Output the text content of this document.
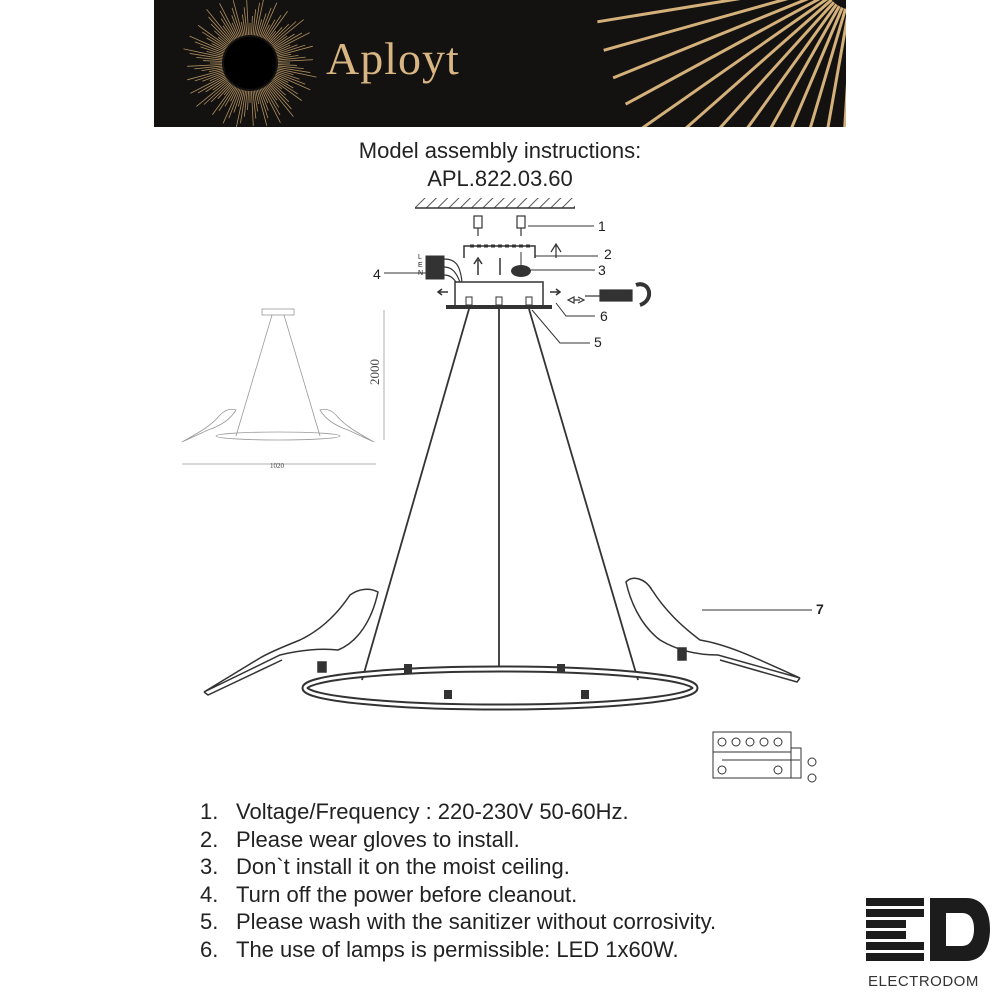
Aployt
Model assembly instructions:
APL.822.03.60
1
2
3
4
5
6
7
L
E
N
2000
1020
1. Voltage/Frequency : 220-230V 50-60Hz.
2. Please wear gloves to install.
3. Don`t install it on the moist ceiling.
4. Turn off the power before cleanout.
5. Please wash with the sanitizer without corrosivity.
6. The use of lamps is permissible: LED 1x60W.
ELECTRODOM
